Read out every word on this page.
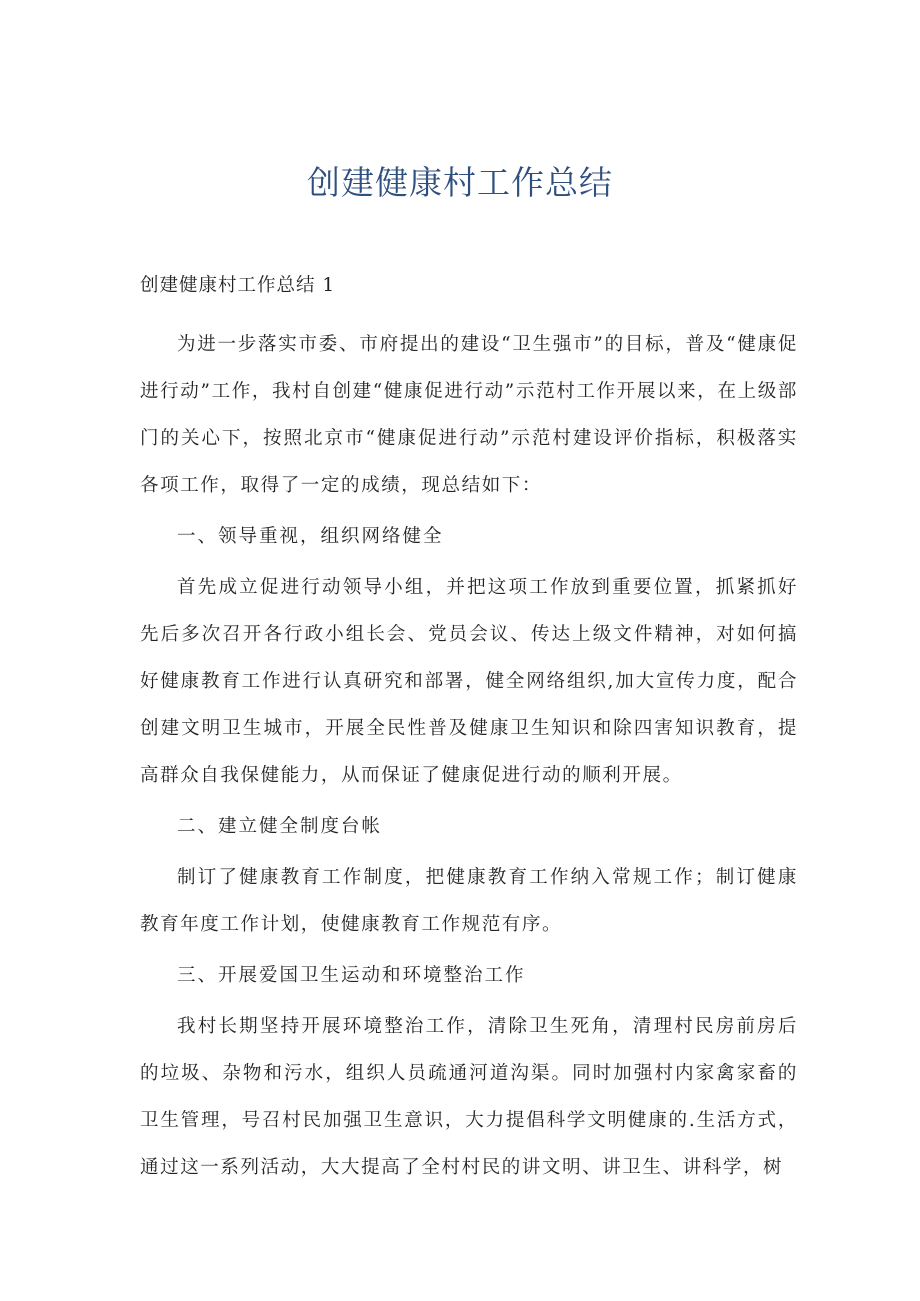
创建健康村工作总结

创建健康村工作总结 1

为进一步落实市委、市府提出的建设“卫生强市”的目标，普及“健康促进行动”工作，我村自创建“健康促进行动”示范村工作开展以来，在上级部门的关心下，按照北京市“健康促进行动”示范村建设评价指标，积极落实各项工作，取得了一定的成绩，现总结如下：

一、领导重视，组织网络健全

首先成立促进行动领导小组，并把这项工作放到重要位置，抓紧抓好先后多次召开各行政小组长会、党员会议、传达上级文件精神，对如何搞好健康教育工作进行认真研究和部署，健全网络组织,加大宣传力度，配合创建文明卫生城市，开展全民性普及健康卫生知识和除四害知识教育，提高群众自我保健能力，从而保证了健康促进行动的顺利开展。

二、建立健全制度台帐

制订了健康教育工作制度，把健康教育工作纳入常规工作；制订健康教育年度工作计划，使健康教育工作规范有序。

三、开展爱国卫生运动和环境整治工作

我村长期坚持开展环境整治工作，清除卫生死角，清理村民房前房后的垃圾、杂物和污水，组织人员疏通河道沟渠。同时加强村内家禽家畜的卫生管理，号召村民加强卫生意识，大力提倡科学文明健康的.生活方式，通过这一系列活动，大大提高了全村村民的讲文明、讲卫生、讲科学，树
